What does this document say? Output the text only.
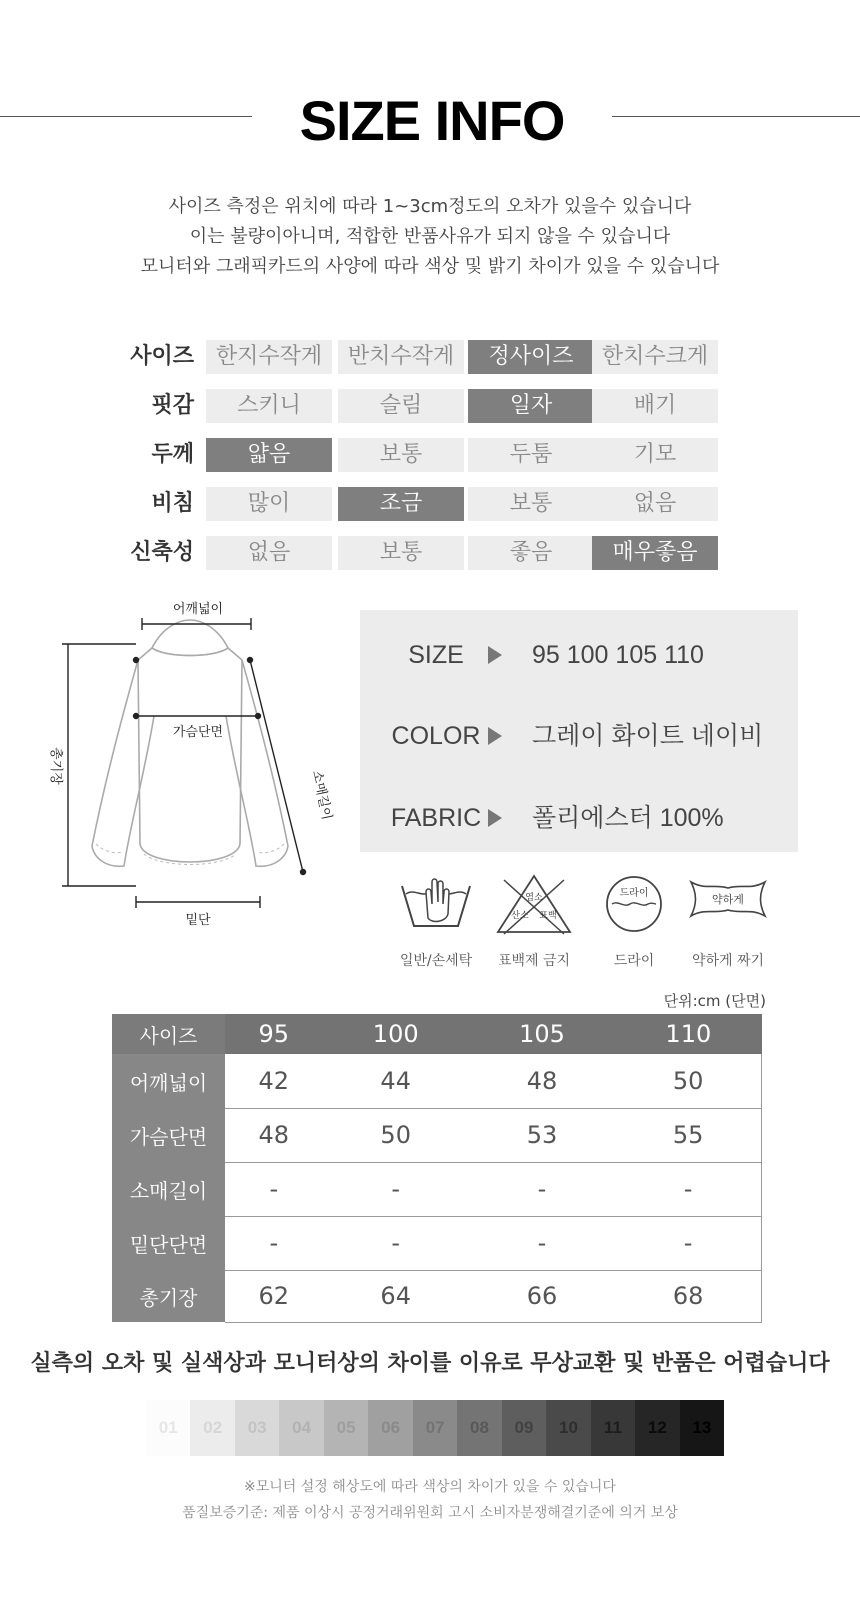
SIZE INFO

사이즈 측정은 위치에 따라 1~3cm정도의 오차가 있을수 있습니다

이는 불량이아니며, 적합한 반품사유가 되지 않을 수 있습니다

모니터와 그래픽카드의 사양에 따라 색상 및 밝기 차이가 있을 수 있습니다

사이즈 한지수작게	반치수작게	정사이즈	한치수크게
핏감	스키니	슬림	일자	배기
두께	얇음	보통	두툼	기모
비침	많이	조금	보통	없음
신축성	없음	보통	좋음	매우좋음
어깨넓이
가슴단면
총기장
소매길이
밑단
SIZE	95 100 105 110
COLOR 그레이 화이트 네이비
FABRIC 폴리에스터 100%
일반/손세탁
염소
산소 표백
표백제 금지
드라이
드라이
약하게
약하게 짜기
단위:cm (단면)
사이즈	95	100	105	110
어깨넓이	42	44	48	50
가슴단면	48	50	53	55
소매길이	-	-	-	-
밑단단면	-	-	-	-
총기장	62	64	66	68
실측의 오차 및 실색상과 모니터상의 차이를 이유로 무상교환 및 반품은 어렵습니다
01	02	03	04	05	06	07	08	09	10	11	12	13
※모니터 설정 해상도에 따라 색상의 차이가 있을 수 있습니다
품질보증기준: 제품 이상시 공정거래위원회 고시 소비자분쟁해결기준에 의거 보상
